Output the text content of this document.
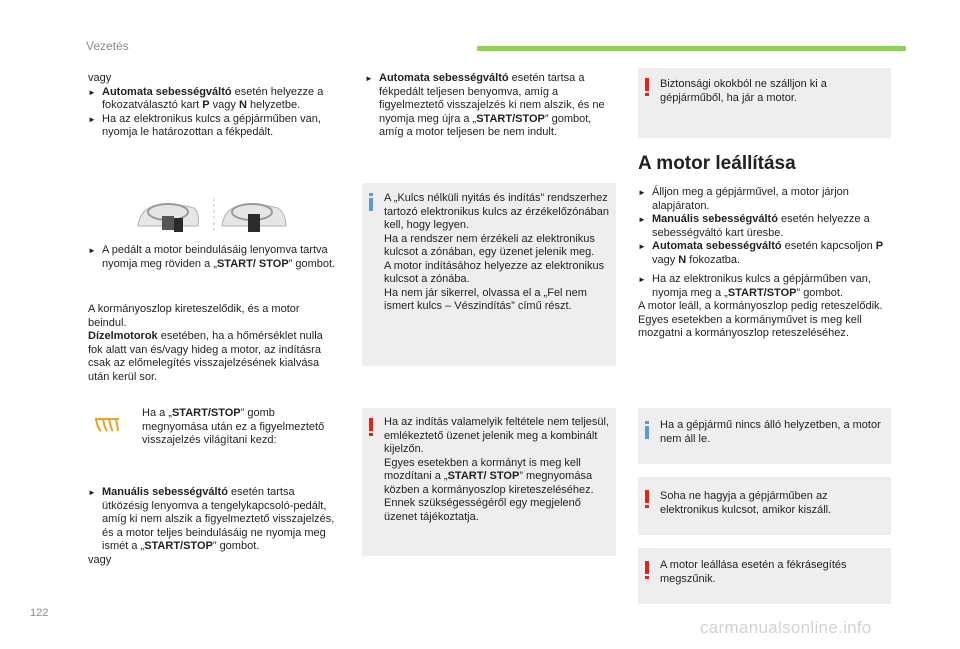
Vezetés

vagy

► Automata sebességváltó esetén helyezze a fokozatválasztó kart P vagy N helyzetbe.

► Ha az elektronikus kulcs a gépjárműben van, nyomja le határozottan a fékpedált.

► A pedált a motor beindulásáig lenyomva tartva nyomja meg röviden a „START/ STOP” gombot.

A kormányoszlop kireteszelődik, és a motor beindul.

Dízelmotorok esetében, ha a hőmérséklet nulla fok alatt van és/vagy hideg a motor, az indításra csak az előmelegítés visszajelzésének kialvása után kerül sor.

Ha a „START/STOP” gomb megnyomása után ez a figyelmeztető visszajelzés világítani kezd:

► Manuális sebességváltó esetén tartsa ütközésig lenyomva a tengelykapcsoló-pedált, amíg ki nem alszik a figyelmeztető visszajelzés, és a motor teljes beindulásáig ne nyomja meg ismét a „START/STOP” gombot.

vagy

► Automata sebességváltó esetén tartsa a fékpedált teljesen benyomva, amíg a figyelmeztető visszajelzés ki nem alszik, és ne nyomja meg újra a „START/STOP” gombot, amíg a motor teljesen be nem indult.

A „Kulcs nélküli nyitás és indítás” rendszerhez tartozó elektronikus kulcs az érzékelőzónában kell, hogy legyen.

Ha a rendszer nem érzékeli az elektronikus kulcsot a zónában, egy üzenet jelenik meg.

A motor indításához helyezze az elektronikus kulcsot a zónába.

Ha nem jár sikerrel, olvassa el a „Fel nem ismert kulcs – Vészindítás” című részt.

Ha az indítás valamelyik feltétele nem teljesül, emlékeztető üzenet jelenik meg a kombinált kijelzőn.

Egyes esetekben a kormányt is meg kell mozdítani a „START/ STOP” megnyomása közben a kormányoszlop kireteszeléséhez. Ennek szükségességéről egy megjelenő üzenet tájékoztatja.

Biztonsági okokból ne szálljon ki a gépjárműből, ha jár a motor.
A motor leállítása

► Álljon meg a gépjárművel, a motor járjon alapjáraton.

► Manuális sebességváltó esetén helyezze a sebességváltó kart üresbe.

► Automata sebességváltó esetén kapcsoljon P vagy N fokozatba.

► Ha az elektronikus kulcs a gépjárműben van, nyomja meg a „START/STOP” gombot.

A motor leáll, a kormányoszlop pedig reteszelődik.

Egyes esetekben a kormányművet is meg kell mozgatni a kormányoszlop reteszeléséhez.

Ha a gépjármű nincs álló helyzetben, a motor nem áll le.
Soha ne hagyja a gépjárműben az elektronikus kulcsot, amikor kiszáll.
A motor leállása esetén a fékrásegítés megszűnik.
122
carmanualsonline.info
